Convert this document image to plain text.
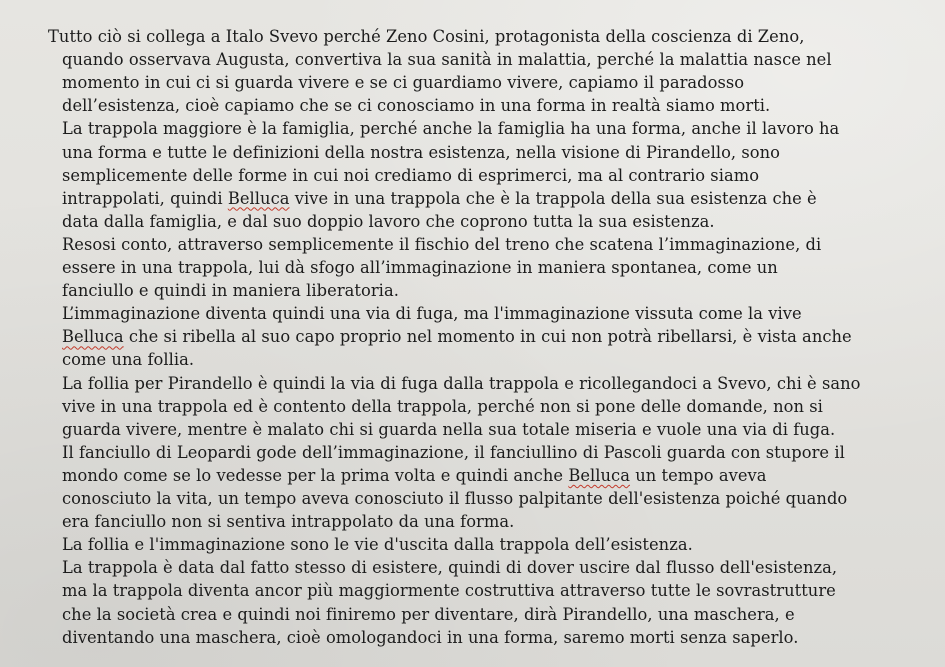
Tutto ciò si collega a Italo Svevo perché Zeno Cosini, protagonista della coscienza di Zeno,
quando osservava Augusta, convertiva la sua sanità in malattia, perché la malattia nasce nel
momento in cui ci si guarda vivere e se ci guardiamo vivere, capiamo il paradosso
dell’esistenza, cioè capiamo che se ci conosciamo in una forma in realtà siamo morti.
La trappola maggiore è la famiglia, perché anche la famiglia ha una forma, anche il lavoro ha
una forma e tutte le definizioni della nostra esistenza, nella visione di Pirandello, sono
semplicemente delle forme in cui noi crediamo di esprimerci, ma al contrario siamo
intrappolati, quindi Belluca vive in una trappola che è la trappola della sua esistenza che è
data dalla famiglia, e dal suo doppio lavoro che coprono tutta la sua esistenza.
Resosi conto, attraverso semplicemente il fischio del treno che scatena l’immaginazione, di
essere in una trappola, lui dà sfogo all’immaginazione in maniera spontanea, come un
fanciullo e quindi in maniera liberatoria.
L’immaginazione diventa quindi una via di fuga, ma l'immaginazione vissuta come la vive
Belluca che si ribella al suo capo proprio nel momento in cui non potrà ribellarsi, è vista anche
come una follia.
La follia per Pirandello è quindi la via di fuga dalla trappola e ricollegandoci a Svevo, chi è sano
vive in una trappola ed è contento della trappola, perché non si pone delle domande, non si
guarda vivere, mentre è malato chi si guarda nella sua totale miseria e vuole una via di fuga.
Il fanciullo di Leopardi gode dell’immaginazione, il fanciullino di Pascoli guarda con stupore il
mondo come se lo vedesse per la prima volta e quindi anche Belluca un tempo aveva
conosciuto la vita, un tempo aveva conosciuto il flusso palpitante dell'esistenza poiché quando
era fanciullo non si sentiva intrappolato da una forma.
La follia e l'immaginazione sono le vie d'uscita dalla trappola dell’esistenza.
La trappola è data dal fatto stesso di esistere, quindi di dover uscire dal flusso dell'esistenza,
ma la trappola diventa ancor più maggiormente costruttiva attraverso tutte le sovrastrutture
che la società crea e quindi noi finiremo per diventare, dirà Pirandello, una maschera, e
diventando una maschera, cioè omologandoci in una forma, saremo morti senza saperlo.
